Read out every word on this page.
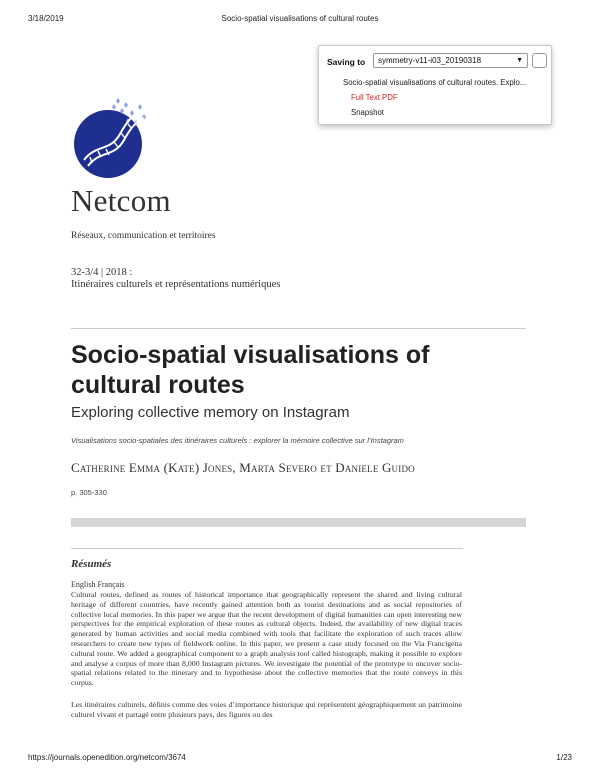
3/18/2019	Socio-spatial visualisations of cultural routes
Netcom
Réseaux, communication et territoires
32-3/4 | 2018 :
Itinéraires culturels et représentations numériques
Socio-spatial visualisations of cultural routes
Exploring collective memory on Instagram
Visualisations socio-spatiales des itinéraires culturels : explorer la mémoire collective sur l’Instagram
Catherine Emma (Kate) Jones, Marta Severo et Daniele Guido
p. 305-330
Résumés
English Français

Cultural routes, defined as routes of historical importance that geographically represent the shared and living cultural heritage of different countries, have recently gained attention both as tourist destinations and as social repositories of collective local memories. In this paper we argue that the recent development of digital humanities can open interesting new perspectives for the empirical exploration of these routes as cultural objects. Indeed, the availability of new digital traces generated by human activities and social media combined with tools that facilitate the exploration of such traces allow researchers to create new types of fieldwork online. In this paper, we present a case study focused on the Via Francigena cultural route. We added a geographical component to a graph analysis tool called histograph, making it possible to explore and analyse a corpus of more than 8,000 Instagram pictures. We investigate the potential of the prototype to uncover socio-spatial relations related to the itinerary and to hypothesise about the collective memories that the route conveys in this corpus.

Les itinéraires culturels, définis comme des voies d’importance historique qui représentent géographiquement un patrimoine culturel vivant et partagé entre plusieurs pays, des figures ou des

https://journals.openedition.org/netcom/3674	1/23
Saving to	symmetry-v11-i03_20190318	▼
Socio-spatial visualisations of cultural routes. Explo...
Full Text PDF
Snapshot
